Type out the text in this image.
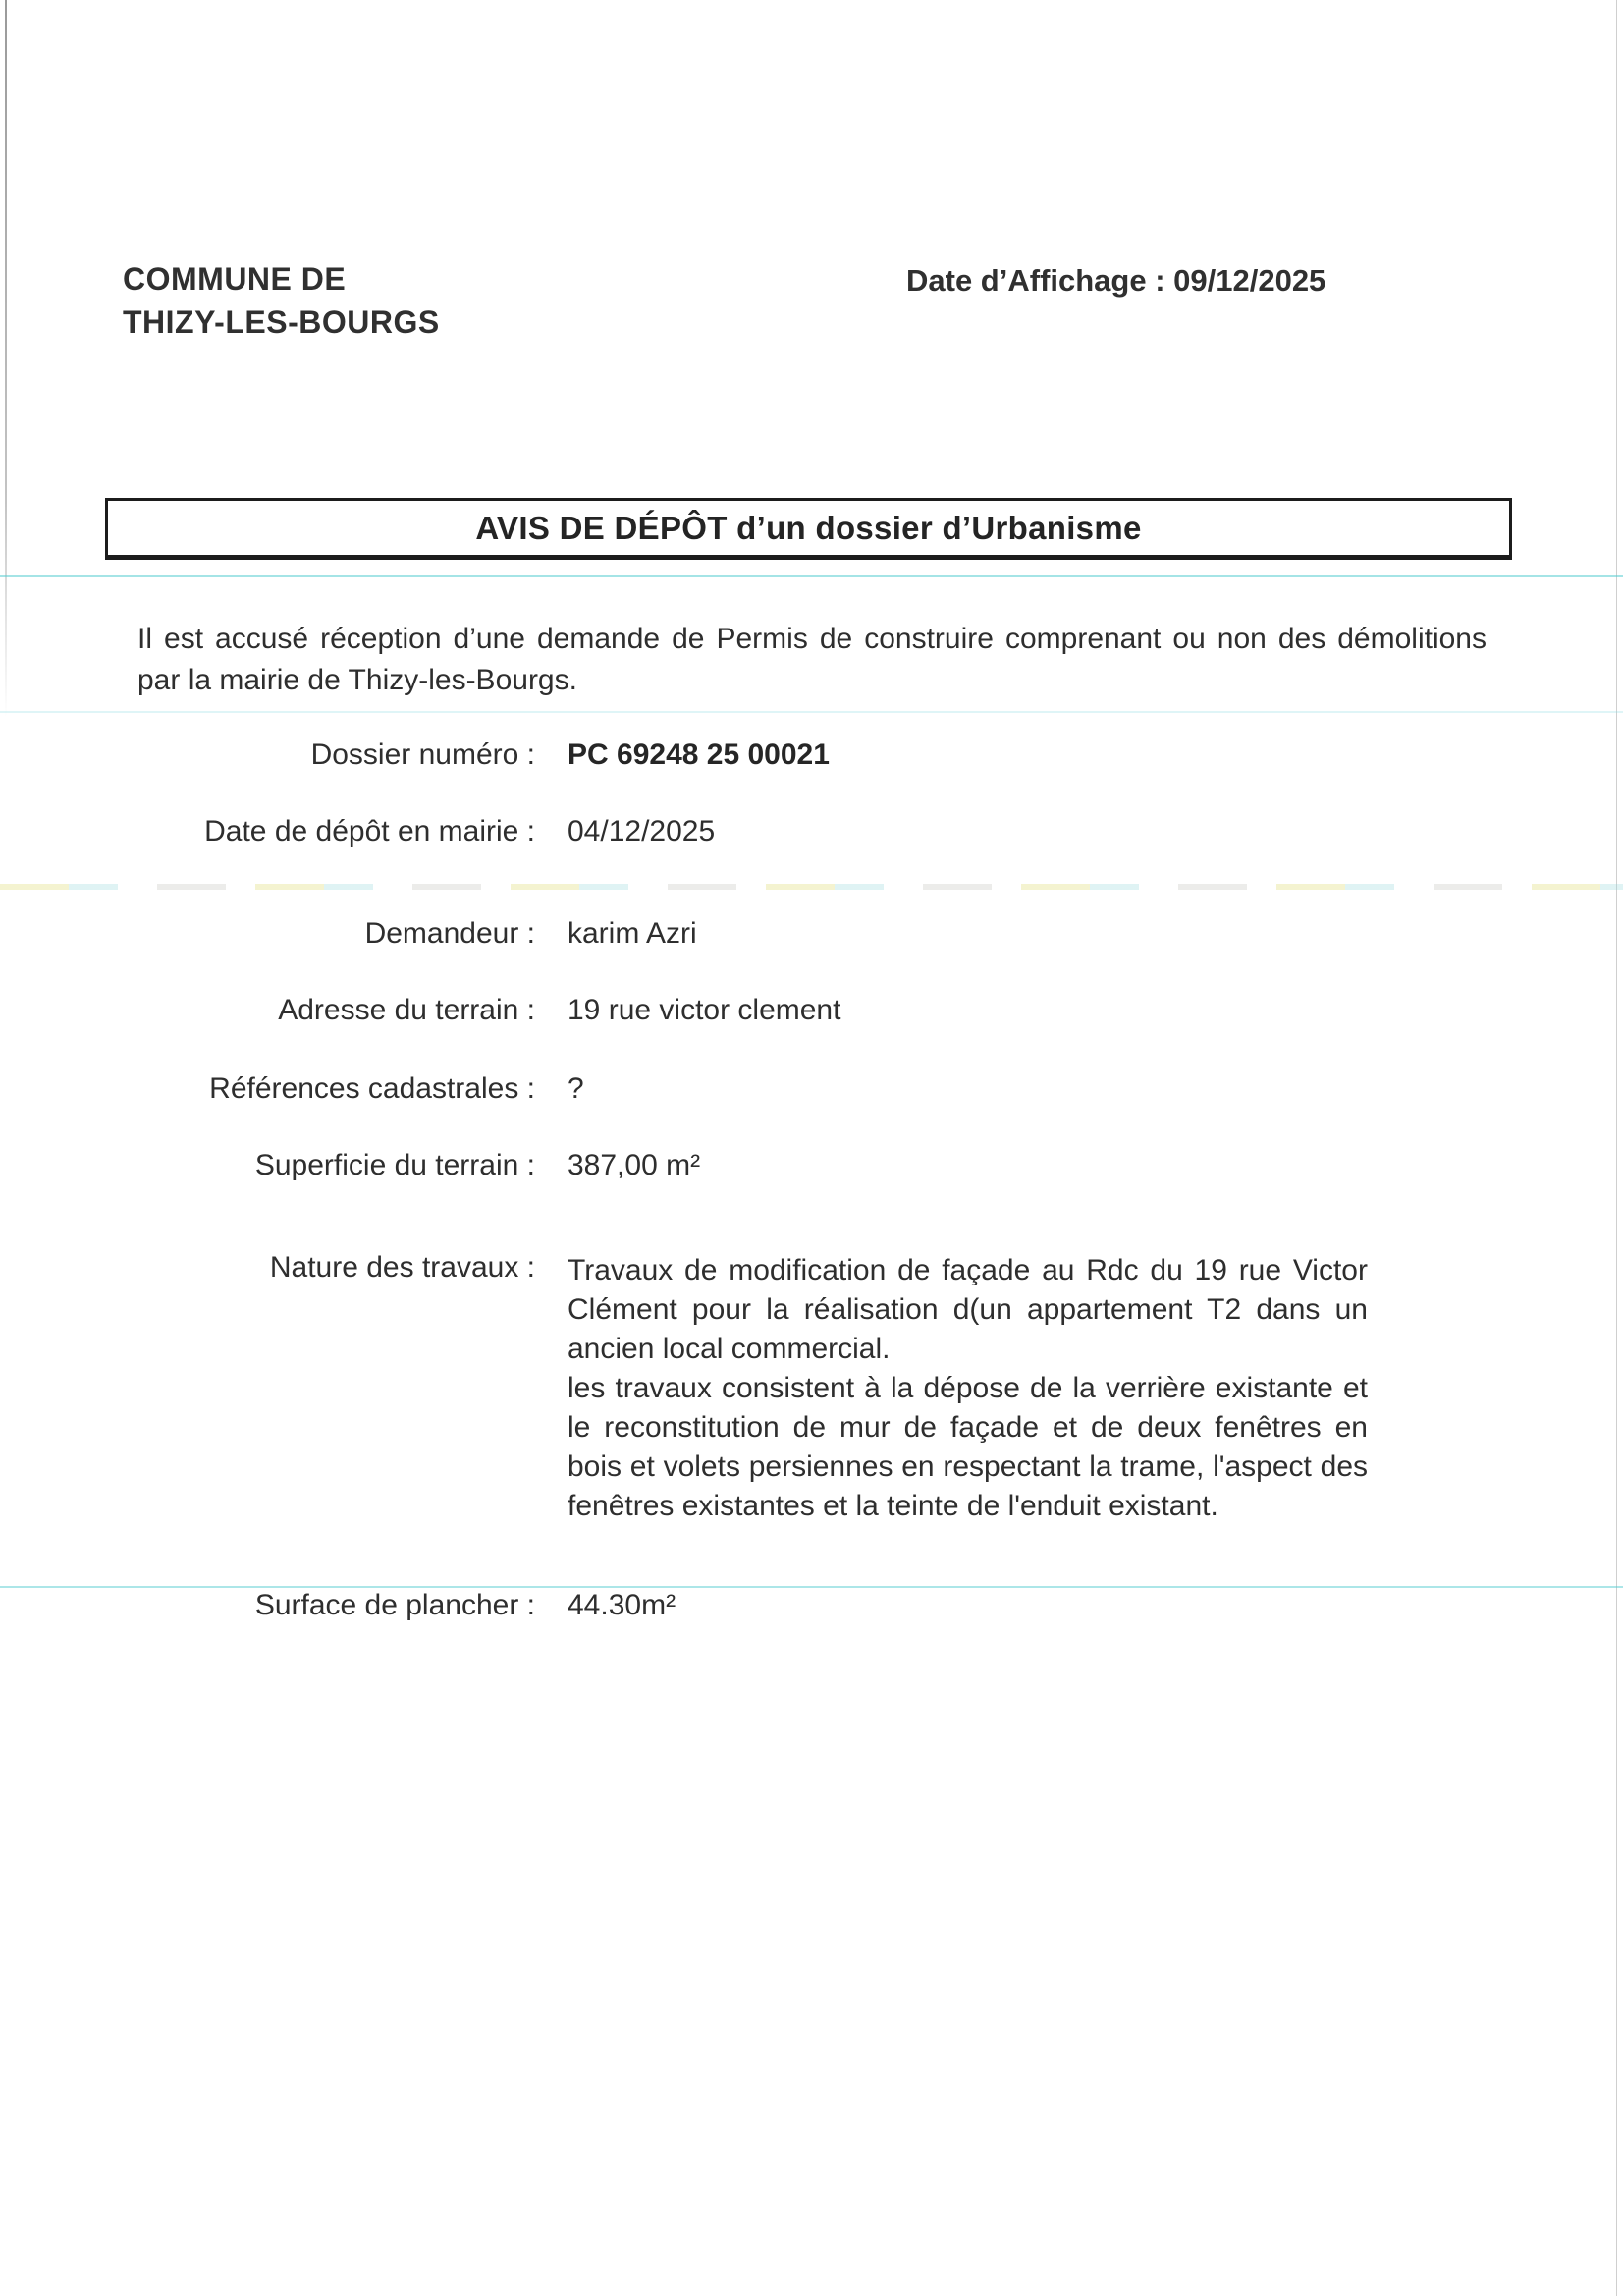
COMMUNE DE
THIZY-LES-BOURGS
Date d’Affichage : 09/12/2025
AVIS DE DÉPÔT d’un dossier d’Urbanisme
Il est accusé réception d’une demande de Permis de construire comprenant ou non des démolitions par la mairie de Thizy-les-Bourgs.
Dossier numéro : PC 69248 25 00021
Date de dépôt en mairie : 04/12/2025
Demandeur : karim Azri
Adresse du terrain : 19 rue victor clement
Références cadastrales : ?
Superficie du terrain : 387,00 m²
Nature des travaux : Travaux de modification de façade au Rdc du 19 rue Victor Clément pour la réalisation d(un appartement T2 dans un ancien local commercial.

les travaux consistent à la dépose de la verrière existante et le reconstitution de mur de façade et de deux fenêtres en bois et volets persiennes en respectant la trame, l'aspect des fenêtres existantes et la teinte de l'enduit existant.

Surface de plancher : 44.30m²
